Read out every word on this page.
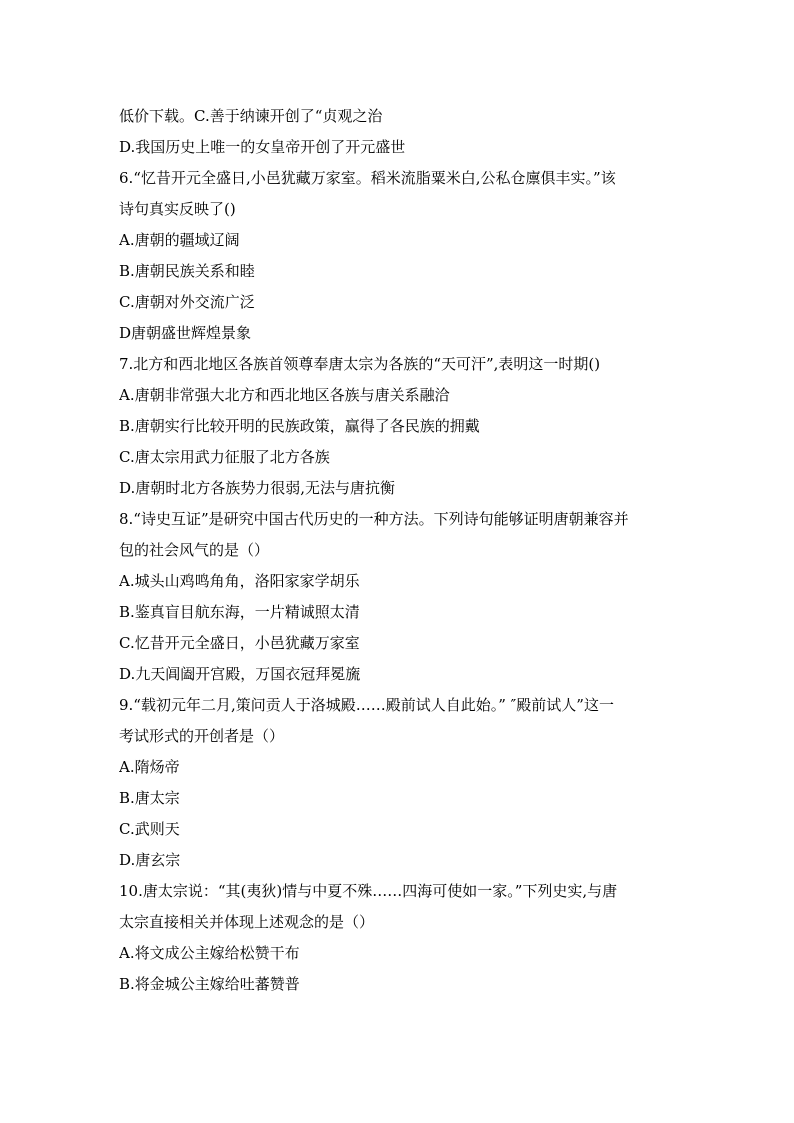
低价下载。C.善于纳谏开创了“贞观之治
D.我国历史上唯一的女皇帝开创了开元盛世
6.“忆昔开元全盛日,小邑犹藏万家室。稻米流脂粟米白,公私仓廪俱丰实。”该
诗句真实反映了()
A.唐朝的疆域辽阔
B.唐朝民族关系和睦
C.唐朝对外交流广泛
D唐朝盛世辉煌景象
7.北方和西北地区各族首领尊奉唐太宗为各族的“天可汗”,表明这一时期()
A.唐朝非常强大北方和西北地区各族与唐关系融洽
B.唐朝实行比较开明的民族政策，赢得了各民族的拥戴
C.唐太宗用武力征服了北方各族
D.唐朝时北方各族势力很弱,无法与唐抗衡
8.“诗史互证”是研究中国古代历史的一种方法。下列诗句能够证明唐朝兼容并
包的社会风气的是（）
A.城头山鸡鸣角角，洛阳家家学胡乐
B.鉴真盲目航东海，一片精诚照太清
C.忆昔开元全盛日，小邑犹藏万家室
D.九天阊阖开宫殿，万国衣冠拜冕旒
9.“载初元年二月,策问贡人于洛城殿……殿前试人自此始。” ″殿前试人”这一
考试形式的开创者是（）
A.隋炀帝
B.唐太宗
C.武则天
D.唐玄宗
10.唐太宗说：“其(夷狄)情与中夏不殊……四海可使如一家。”下列史实,与唐
太宗直接相关并体现上述观念的是（）
A.将文成公主嫁给松赞干布
B.将金城公主嫁给吐蕃赞普
